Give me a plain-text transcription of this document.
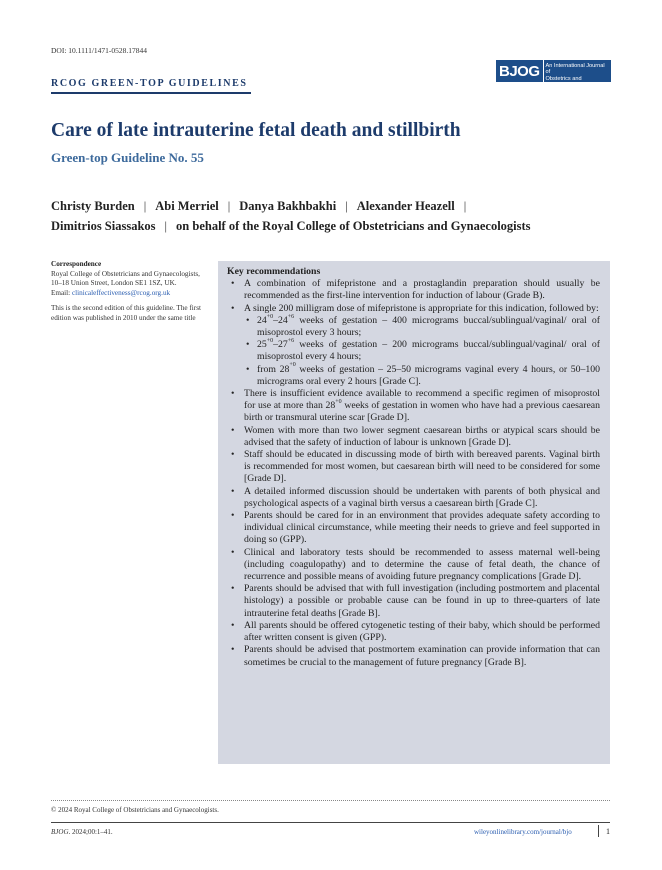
DOI: 10.1111/1471-0528.17844
RCOG GREEN-TOP GUIDELINES
BJOG	An International Journal of
Obstetrics and Gynaecology
Care of late intrauterine fetal death and stillbirth
Green-top Guideline No. 55
Christy Burden | Abi Merriel | Danya Bakhbakhi | Alexander Heazell |
Dimitrios Siassakos | on behalf of the Royal College of Obstetricians and Gynaecologists

Correspondence

Royal College of Obstetricians and Gynaecologists, 10–18 Union Street, London SE1 1SZ, UK.

Email: clinicaleffectiveness@rcog.org.uk

This is the second edition of this guideline. The first edition was published in 2010 under the same title

Key recommendations
• A combination of mifepristone and a prostaglandin preparation should usually be recommended as the first-line intervention for induction of labour (Grade B).
• A single 200 milligram dose of mifepristone is appropriate for this indication, followed by:
• $24^{+0}-24^{+6}$ weeks of gestation – 400 micrograms buccal/sublingual/vaginal/ oral of misoprostol every 3 hours;
• $25^{+0}-27^{+6}$ weeks of gestation – 200 micrograms buccal/sublingual/vaginal/ oral of misoprostol every 4 hours;
• from $28^{+0}$ weeks of gestation – 25–50 micrograms vaginal every 4 hours, or 50–100 micrograms oral every 2 hours [Grade C].
• There is insufficient evidence available to recommend a specific regimen of misoprostol for use at more than $28^{+0}$ weeks of gestation in women who have had a previous caesarean birth or transmural uterine scar [Grade D].
• Women with more than two lower segment caesarean births or atypical scars should be advised that the safety of induction of labour is unknown [Grade D].
• Staff should be educated in discussing mode of birth with bereaved parents. Vaginal birth is recommended for most women, but caesarean birth will need to be considered for some [Grade D].
• A detailed informed discussion should be undertaken with parents of both physical and psychological aspects of a vaginal birth versus a caesarean birth [Grade C].
• Parents should be cared for in an environment that provides adequate safety according to individual clinical circumstance, while meeting their needs to grieve and feel supported in doing so (GPP).
• Clinical and laboratory tests should be recommended to assess maternal well-being (including coagulopathy) and to determine the cause of fetal death, the chance of recurrence and possible means of avoiding future pregnancy complications [Grade D].
• Parents should be advised that with full investigation (including postmortem and placental histology) a possible or probable cause can be found in up to three-quarters of late intrauterine fetal deaths [Grade B].
• All parents should be offered cytogenetic testing of their baby, which should be performed after written consent is given (GPP).
• Parents should be advised that postmortem examination can provide information that can sometimes be crucial to the management of future pregnancy [Grade B].
© 2024 Royal College of Obstetricians and Gynaecologists.
BJOG. 2024;00:1–41.	wileyonlinelibrary.com/journal/bjo	1
